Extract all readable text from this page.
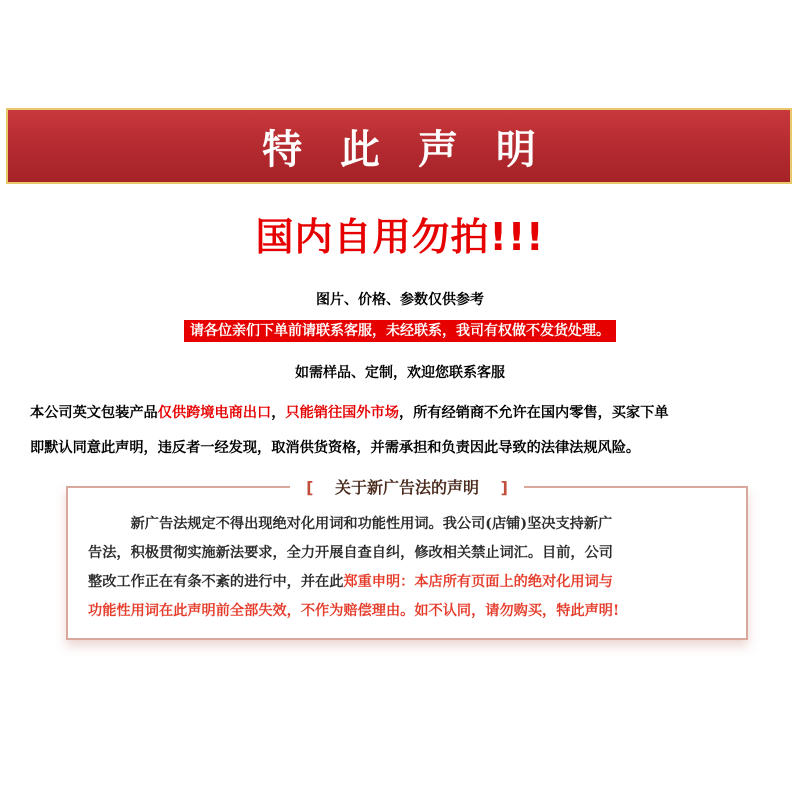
特 此 声 明
国内自用勿拍!!!
图片、价格、参数仅供参考
请各位亲们下单前请联系客服，未经联系，我司有权做不发货处理。
如需样品、定制，欢迎您联系客服
本公司英文包装产品仅供跨境电商出口，只能销往国外市场，所有经销商不允许在国内零售，买家下单
即默认同意此声明，违反者一经发现，取消供货资格，并需承担和负责因此导致的法律法规风险。
[ 关于新广告法的声明 ]
　　　新广告法规定不得出现绝对化用词和功能性用词。我公司(店铺)坚决支持新广
告法，积极贯彻实施新法要求，全力开展自查自纠，修改相关禁止词汇。目前，公司
整改工作正在有条不紊的进行中，并在此郑重申明：本店所有页面上的绝对化用词与
功能性用词在此声明前全部失效，不作为赔偿理由。如不认同，请勿购买，特此声明!
